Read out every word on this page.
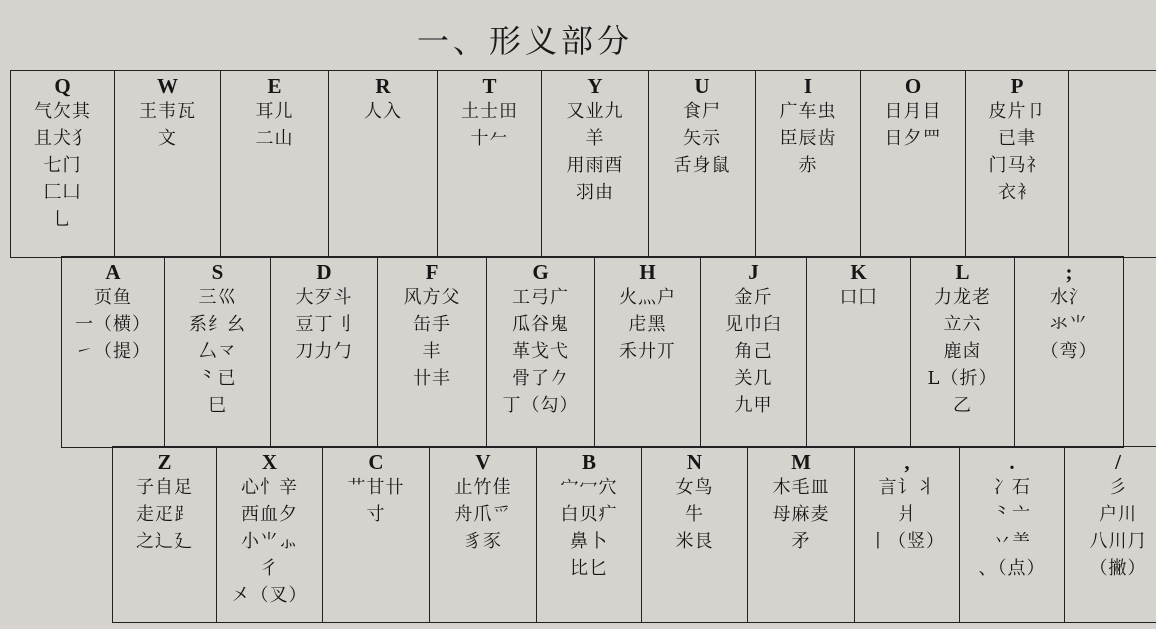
一、形义部分
Q
气欠其
且犬犭
七门
匚凵
⺃
W
王韦瓦
文
E
耳儿
二山
R
人入
T
土士田
十𠂉
Y
又业九
羊
用雨酉
羽由
U
食尸
矢示
舌身鼠
I
广车虫
臣辰齿
赤
O
日月目
日夕罒
P
皮片卩
已聿
门马礻
衣衤
A
页鱼
一（横）
㇀（提）
S
三巛
系纟幺
厶龴
⺀已
巳
D
大歹斗
豆丁刂
刀力勹
F
风方父
缶手
丰
卄丰
G
工弓广
瓜谷鬼
革戈弋
骨了𠂊
丁（勾）
H
火灬户
虍黑
禾廾丌
J
金斤
见巾臼
角己
关几
九甲
K
口囗
L
力龙老
立六
鹿卤
L（折）
乙
;
水氵
氺⺌
（弯）
Z
子自足
走疋⻊
之辶廴
X
心忄辛
西血夕
小⺌⺗
彳
㐅（叉）
C
艹甘卄
寸
V
止竹佳
舟爪爫
豸豕
B
宀冖穴
白贝疒
鼻卜
比匕
N
女鸟
牛
米艮
M
木毛皿
母麻麦
矛
,
言讠丬
爿
丨（竖）
.
冫石
⺀亠
丷⺷
、（点）
/
彡
户川
八川⺆
（撇）
